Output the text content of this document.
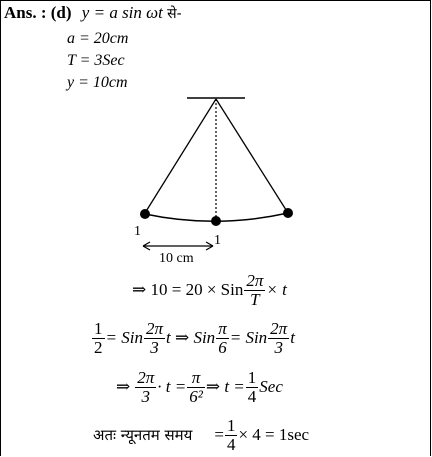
Ans. : (d) y = a sin ωt से-
a = 20cm
T = 3Sec
y = 10cm
1
1
10 cm
⇒ 10 = 20 × Sin $\frac{2\pi}{T} \times t$
$\frac{1}{2}$ = Sin $\frac{2\pi}{3}$ t ⇒ Sin $\frac{\pi}{6}$ = Sin $\frac{2\pi}{3}$ t
⇒ $\frac{2\pi}{3} \cdot t = \frac{\pi}{\text{6²}}$ ⇒ $t = \frac{1}{4}$ Sec
अतः न्यूनतम समय = $\frac{1}{4} \times 4 = 1\sec$
